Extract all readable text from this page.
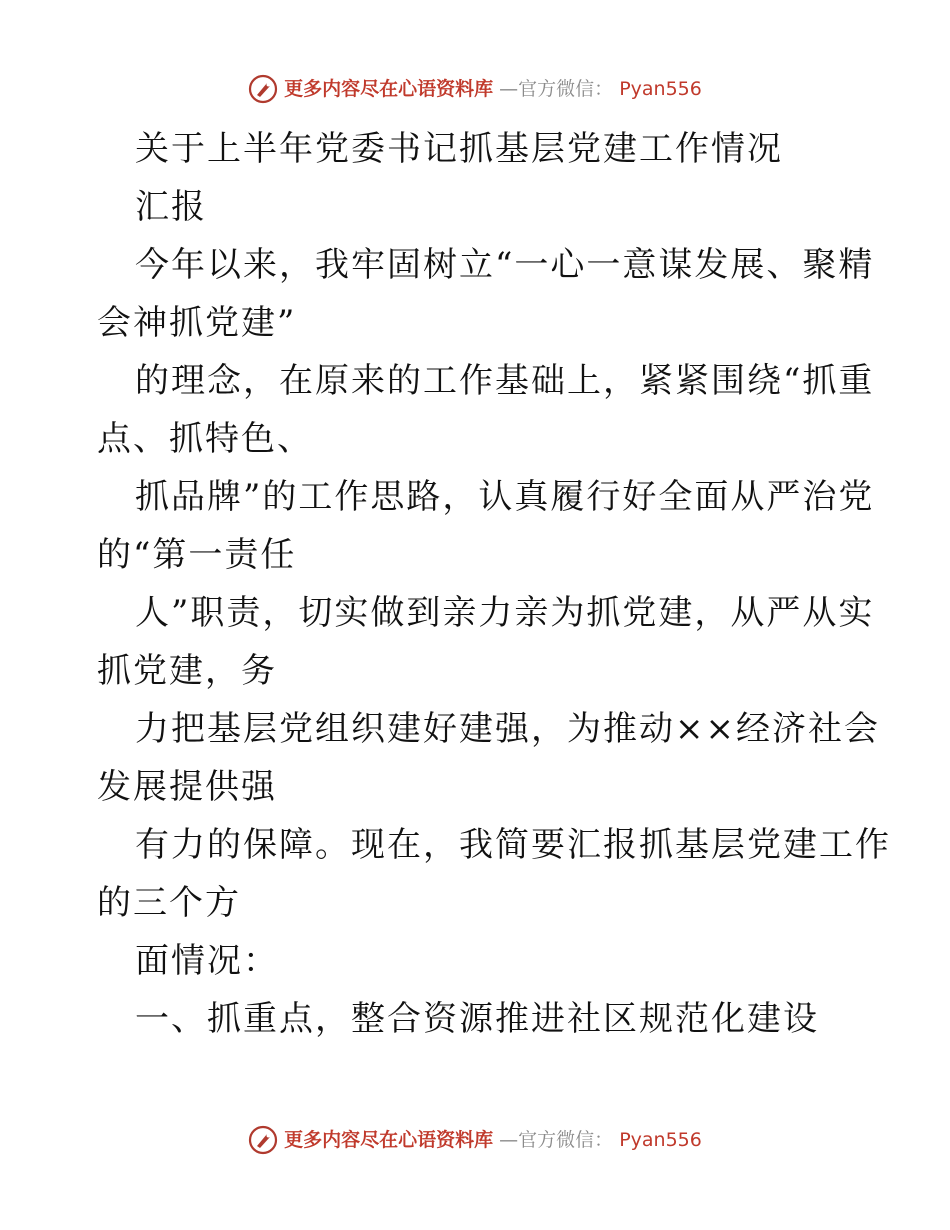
更多内容尽在心语资料库 —官方微信： Pyan556
关于上半年党委书记抓基层党建工作情况
汇报
今年以来，我牢固树立“一心一意谋发展、聚精
会神抓党建”
的理念，在原来的工作基础上，紧紧围绕“抓重
点、抓特色、
抓品牌”的工作思路，认真履行好全面从严治党
的“第一责任
人”职责，切实做到亲力亲为抓党建，从严从实
抓党建，务
力把基层党组织建好建强，为推动××经济社会
发展提供强
有力的保障。现在，我简要汇报抓基层党建工作
的三个方
面情况：
一、抓重点，整合资源推进社区规范化建设
更多内容尽在心语资料库 —官方微信： Pyan556
